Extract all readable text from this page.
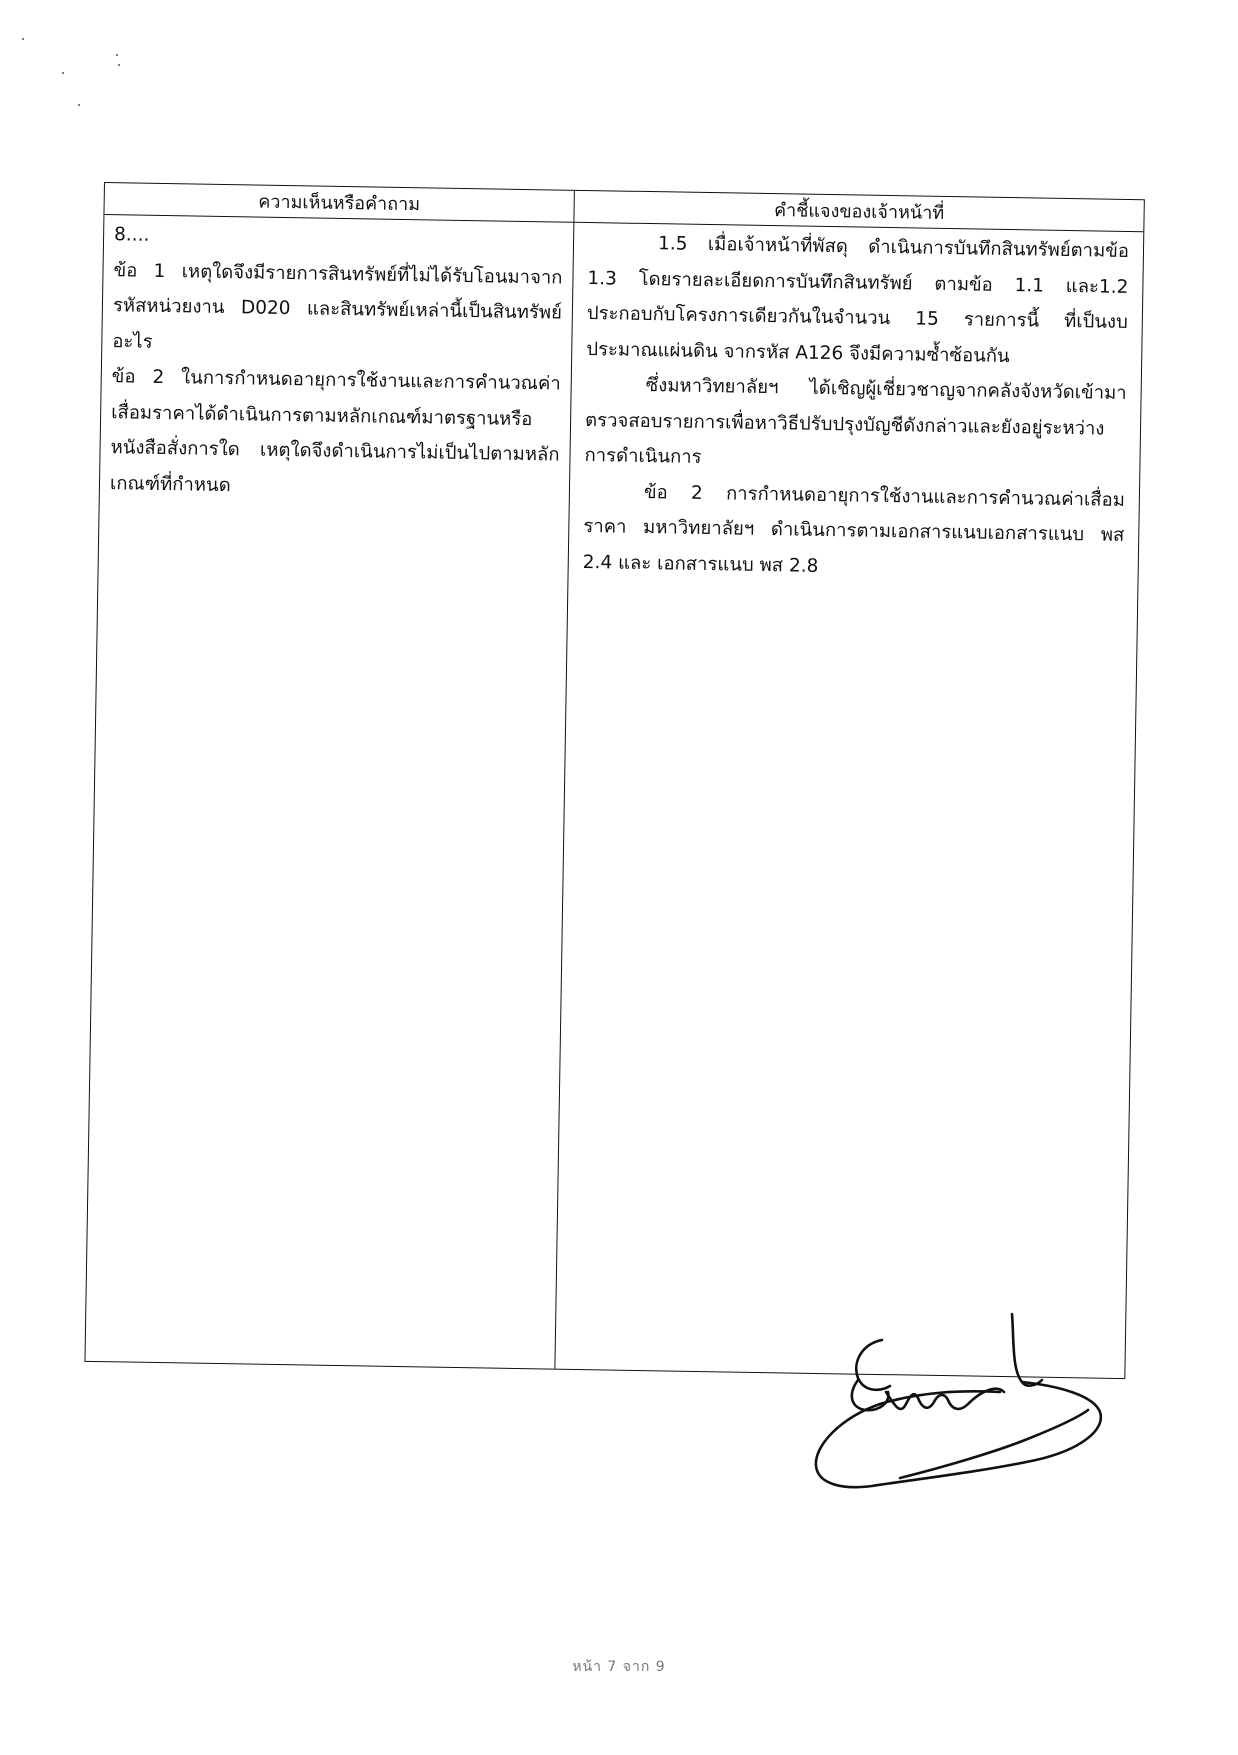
ความเห็นหรือคำถาม

8....

ข้อ 1 เหตุใดจึงมีรายการสินทรัพย์ที่ไม่ได้รับโอนมาจากรหัสหน่วยงาน D020 และสินทรัพย์เหล่านี้เป็นสินทรัพย์อะไร

ข้อ 2 ในการกำหนดอายุการใช้งานและการคำนวณค่าเสื่อมราคาได้ดำเนินการตามหลักเกณฑ์มาตรฐานหรือหนังสือสั่งการใด เหตุใดจึงดำเนินการไม่เป็นไปตามหลักเกณฑ์ที่กำหนด

คำชี้แจงของเจ้าหน้าที่

1.5 เมื่อเจ้าหน้าที่พัสดุ ดำเนินการบันทึกสินทรัพย์ตามข้อ 1.3 โดยรายละเอียดการบันทึกสินทรัพย์ ตามข้อ 1.1 และ1.2 ประกอบกับโครงการเดียวกันในจำนวน 15 รายการนี้ ที่เป็นงบประมาณแผ่นดิน จากรหัส A126 จึงมีความซ้ำซ้อนกัน

ซึ่งมหาวิทยาลัยฯ ได้เชิญผู้เชี่ยวชาญจากคลังจังหวัดเข้ามาตรวจสอบรายการเพื่อหาวิธีปรับปรุงบัญชีดังกล่าวและยังอยู่ระหว่างการดำเนินการ

ข้อ 2 การกำหนดอายุการใช้งานและการคำนวณค่าเสื่อมราคา มหาวิทยาลัยฯ ดำเนินการตามเอกสารแนบเอกสารแนบ พส 2.4 และ เอกสารแนบ พส 2.8

หน้า 7 จาก 9
